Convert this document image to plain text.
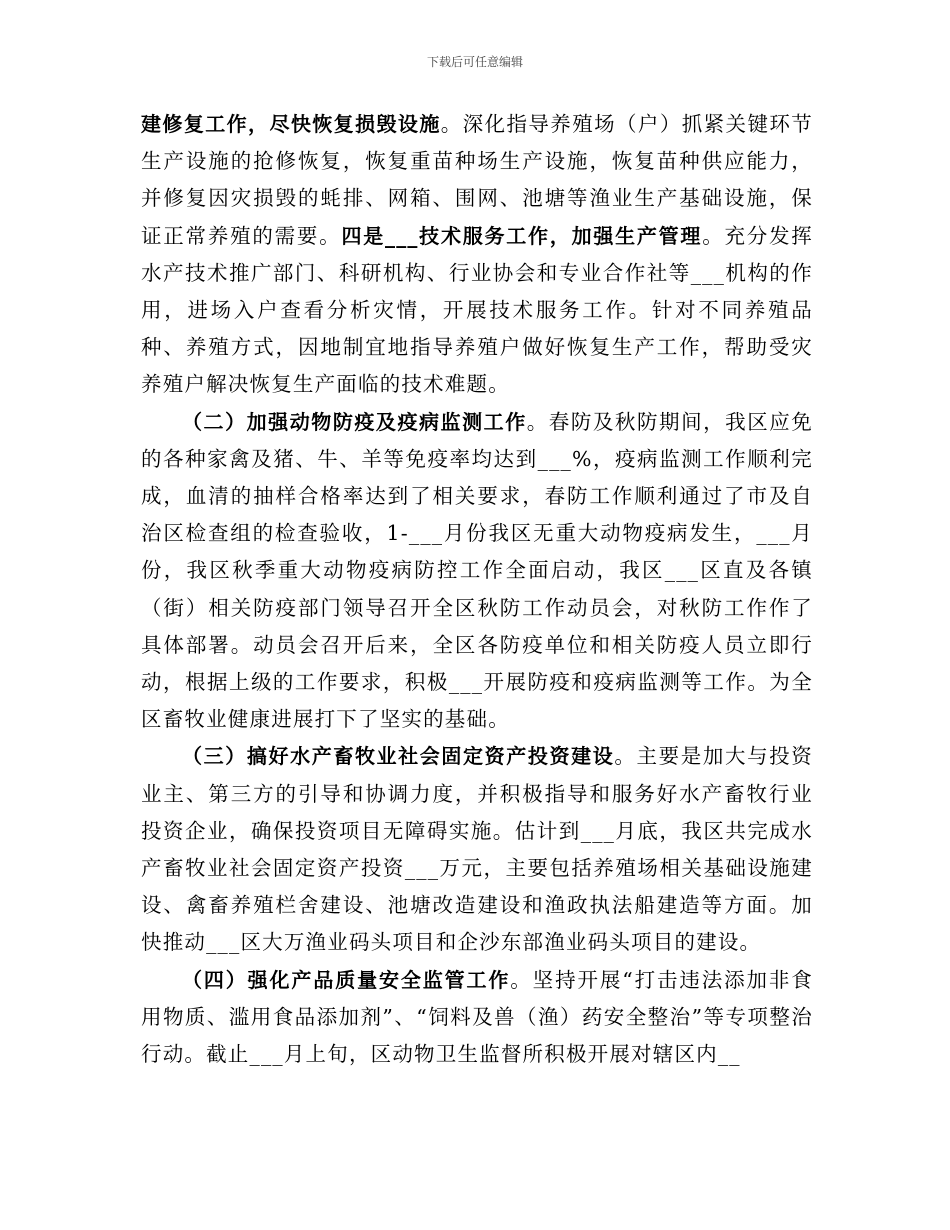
下载后可任意编辑

建修复工作，尽快恢复损毁设施。深化指导养殖场（户）抓紧关键环节生产设施的抢修恢复，恢复重苗种场生产设施，恢复苗种供应能力，并修复因灾损毁的蚝排、网箱、围网、池塘等渔业生产基础设施，保证正常养殖的需要。四是___技术服务工作，加强生产管理。充分发挥水产技术推广部门、科研机构、行业协会和专业合作社等___机构的作用，进场入户查看分析灾情，开展技术服务工作。针对不同养殖品种、养殖方式，因地制宜地指导养殖户做好恢复生产工作，帮助受灾养殖户解决恢复生产面临的技术难题。

（二）加强动物防疫及疫病监测工作。春防及秋防期间，我区应免的各种家禽及猪、牛、羊等免疫率均达到___%，疫病监测工作顺利完成，血清的抽样合格率达到了相关要求，春防工作顺利通过了市及自治区检查组的检查验收，1-___月份我区无重大动物疫病发生，___月份，我区秋季重大动物疫病防控工作全面启动，我区___区直及各镇（街）相关防疫部门领导召开全区秋防工作动员会，对秋防工作作了具体部署。动员会召开后来，全区各防疫单位和相关防疫人员立即行动，根据上级的工作要求，积极___开展防疫和疫病监测等工作。为全区畜牧业健康进展打下了坚实的基础。

（三）搞好水产畜牧业社会固定资产投资建设。主要是加大与投资业主、第三方的引导和协调力度，并积极指导和服务好水产畜牧行业投资企业，确保投资项目无障碍实施。估计到___月底，我区共完成水产畜牧业社会固定资产投资___万元，主要包括养殖场相关基础设施建设、禽畜养殖栏舍建设、池塘改造建设和渔政执法船建造等方面。加快推动___区大万渔业码头项目和企沙东部渔业码头项目的建设。

（四）强化产品质量安全监管工作。坚持开展“打击违法添加非食用物质、滥用食品添加剂”、“饲料及兽（渔）药安全整治”等专项整治行动。截止___月上旬，区动物卫生监督所积极开展对辖区内__
